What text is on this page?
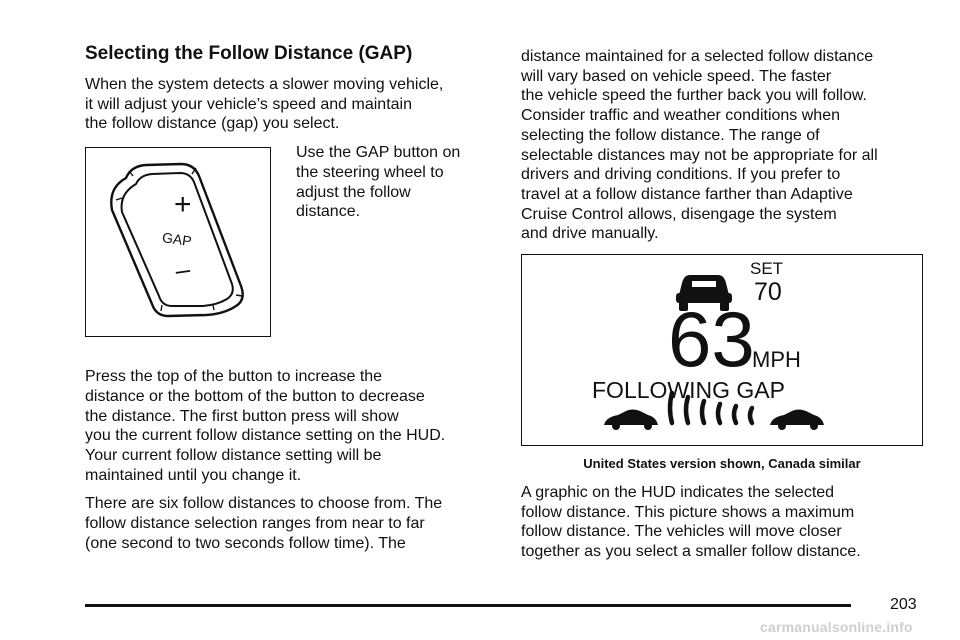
Selecting the Follow Distance (GAP)

When the system detects a slower moving vehicle,
it will adjust your vehicle’s speed and maintain
the follow distance (gap) you select.

+
GAP
–

Use the GAP button on
the steering wheel to
adjust the follow
distance.

Press the top of the button to increase the
distance or the bottom of the button to decrease
the distance. The first button press will show
you the current follow distance setting on the HUD.
Your current follow distance setting will be
maintained until you change it.

There are six follow distances to choose from. The
follow distance selection ranges from near to far
(one second to two seconds follow time). The

distance maintained for a selected follow distance
will vary based on vehicle speed. The faster
the vehicle speed the further back you will follow.
Consider traffic and weather conditions when
selecting the follow distance. The range of
selectable distances may not be appropriate for all
drivers and driving conditions. If you prefer to
travel at a follow distance farther than Adaptive
Cruise Control allows, disengage the system
and drive manually.

SET
70
63
MPH
FOLLOWING GAP
United States version shown, Canada similar

A graphic on the HUD indicates the selected
follow distance. This picture shows a maximum
follow distance. The vehicles will move closer
together as you select a smaller follow distance.

203
carmanualsonline.info
